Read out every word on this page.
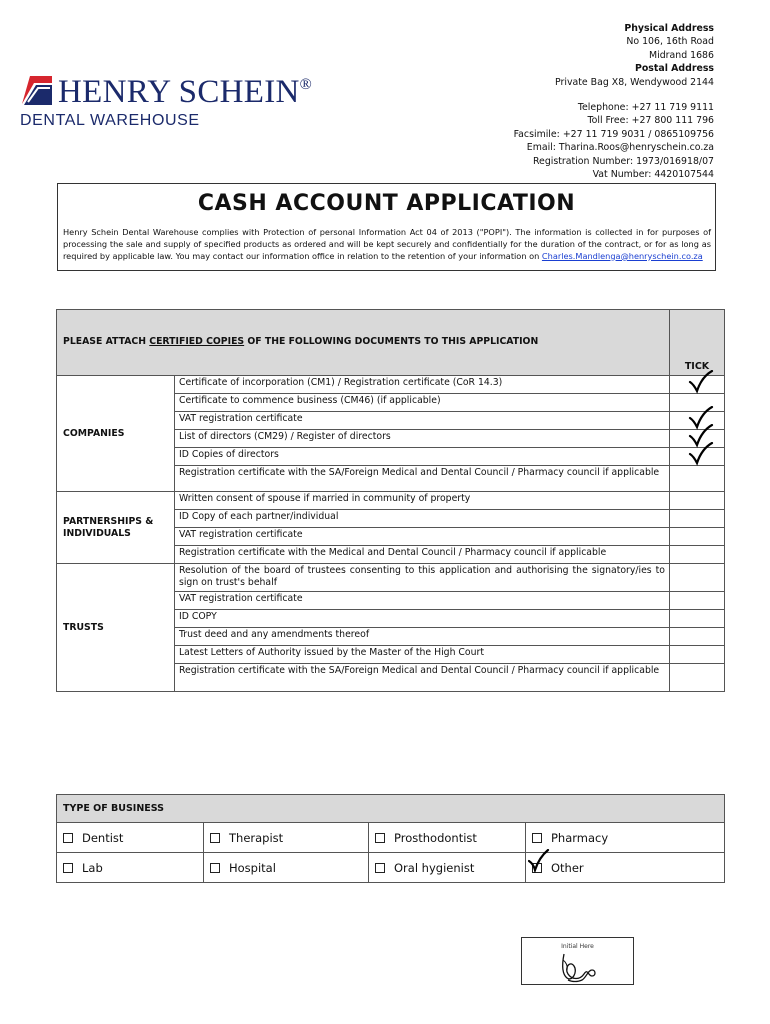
HENRY SCHEIN®
DENTAL WAREHOUSE
Physical Address
No 106, 16th Road
Midrand 1686
Postal Address
Private Bag X8, Wendywood 2144
Telephone: +27 11 719 9111
Toll Free: +27 800 111 796
Facsimile: +27 11 719 9031 / 0865109756
Email: Tharina.Roos@henryschein.co.za
Registration Number: 1973/016918/07
Vat Number: 4420107544
CASH ACCOUNT APPLICATION
Henry Schein Dental Warehouse complies with Protection of personal Information Act 04 of 2013 ("POPI"). The information is collected in for purposes of processing the sale and supply of specified products as ordered and will be kept securely and confidentially for the duration of the contract, or for as long as required by applicable law. You may contact our information office in relation to the retention of your information on Charles.Mandlenga@henryschein.co.za
PLEASE ATTACH CERTIFIED COPIES OF THE FOLLOWING DOCUMENTS TO THIS APPLICATION		TICK

COMPANIES	Certificate of incorporation (CM1) / Registration certificate (CoR 14.3)	

	Certificate to commence business (CM46) (if applicable)	
	VAT registration certificate	

	List of directors (CM29) / Register of directors	

	ID Copies of directors	

	Registration certificate with the SA/Foreign Medical and Dental Council / Pharmacy council if applicable	
PARTNERSHIPS & INDIVIDUALS	Written consent of spouse if married in community of property	
	ID Copy of each partner/individual	
	VAT registration certificate	
	Registration certificate with the Medical and Dental Council / Pharmacy council if applicable	
TRUSTS	Resolution of the board of trustees consenting to this application and authorising the signatory/ies to sign on trust's behalf	
	VAT registration certificate	
	ID COPY	
	Trust deed and any amendments thereof	
	Latest Letters of Authority issued by the Master of the High Court	
	Registration certificate with the SA/Foreign Medical and Dental Council / Pharmacy council if applicable	
TYPE OF BUSINESS			
Dentist	Therapist	Prosthodontist	Pharmacy
Lab	Hospital	Oral hygienist	Other
Initial Here
